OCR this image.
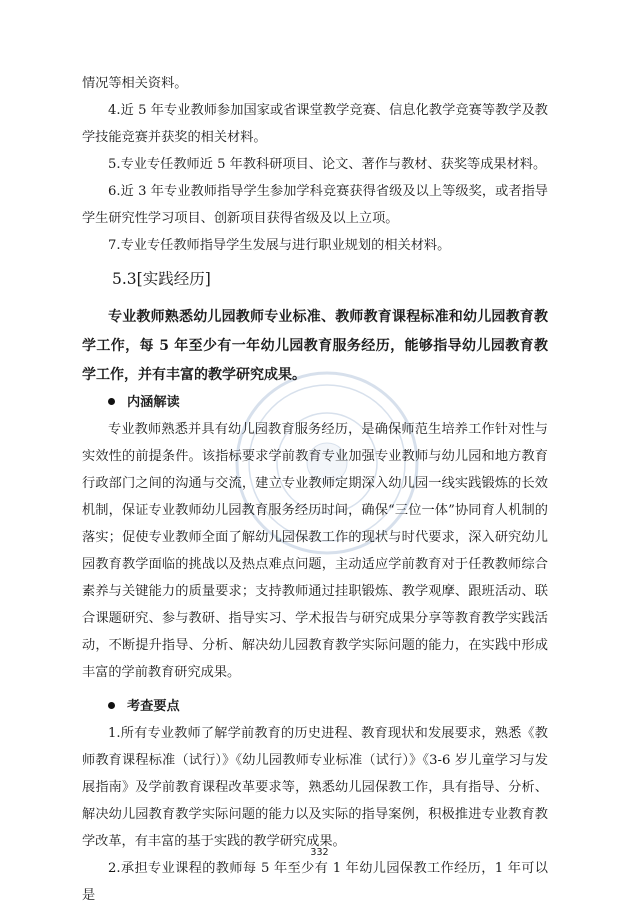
情况等相关资料。

4.近 5 年专业教师参加国家或省课堂教学竞赛、信息化教学竞赛等教学及教学技能竞赛并获奖的相关材料。

5.专业专任教师近 5 年教科研项目、论文、著作与教材、获奖等成果材料。

6.近 3 年专业教师指导学生参加学科竞赛获得省级及以上等级奖，或者指导学生研究性学习项目、创新项目获得省级及以上立项。

7.专业专任教师指导学生发展与进行职业规划的相关材料。

5.3[实践经历]

专业教师熟悉幼儿园教师专业标准、教师教育课程标准和幼儿园教育教学工作，每 5 年至少有一年幼儿园教育服务经历，能够指导幼儿园教育教学工作，并有丰富的教学研究成果。

内涵解读

专业教师熟悉并具有幼儿园教育服务经历，是确保师范生培养工作针对性与实效性的前提条件。该指标要求学前教育专业加强专业教师与幼儿园和地方教育行政部门之间的沟通与交流，建立专业教师定期深入幼儿园一线实践锻炼的长效机制，保证专业教师幼儿园教育服务经历时间，确保“三位一体”协同育人机制的落实；促使专业教师全面了解幼儿园保教工作的现状与时代要求，深入研究幼儿园教育教学面临的挑战以及热点难点问题，主动适应学前教育对于任教教师综合素养与关键能力的质量要求；支持教师通过挂职锻炼、教学观摩、跟班活动、联合课题研究、参与教研、指导实习、学术报告与研究成果分享等教育教学实践活动，不断提升指导、分析、解决幼儿园教育教学实际问题的能力，在实践中形成丰富的学前教育研究成果。

考查要点

1.所有专业教师了解学前教育的历史进程、教育现状和发展要求，熟悉《教师教育课程标准（试行）》《幼儿园教师专业标准（试行）》《3-6 岁儿童学习与发展指南》及学前教育课程改革要求等，熟悉幼儿园保教工作，具有指导、分析、解决幼儿园教育教学实际问题的能力以及实际的指导案例，积极推进专业教育教学改革，有丰富的基于实践的教学研究成果。

2.承担专业课程的教师每 5 年至少有 1 年幼儿园保教工作经历，1 年可以是

332
